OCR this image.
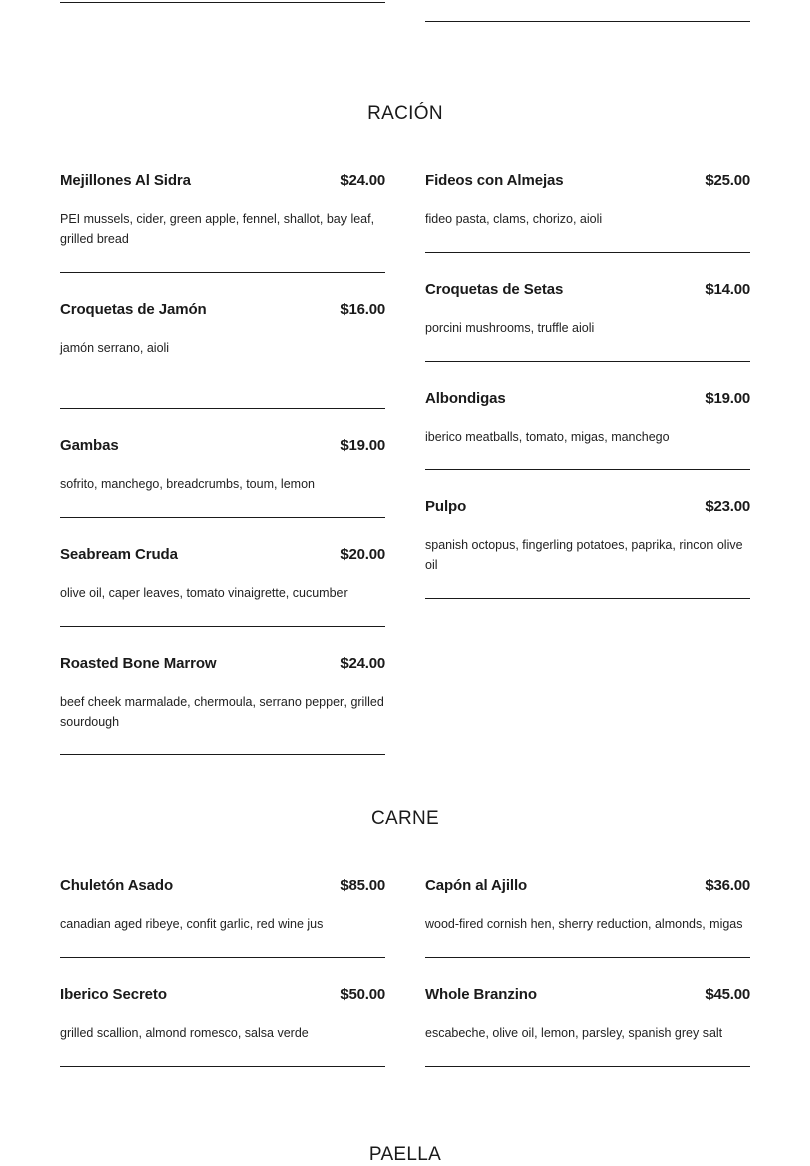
RACIÓN
Mejillones Al Sidra	$24.00
PEI mussels, cider, green apple, fennel, shallot, bay leaf, grilled bread
Croquetas de Jamón	$16.00
jamón serrano, aioli
Gambas	$19.00
sofrito, manchego, breadcrumbs, toum, lemon
Seabream Cruda	$20.00
olive oil, caper leaves, tomato vinaigrette, cucumber
Roasted Bone Marrow	$24.00
beef cheek marmalade, chermoula, serrano pepper, grilled sourdough
Fideos con Almejas	$25.00
fideo pasta, clams, chorizo, aioli
Croquetas de Setas	$14.00
porcini mushrooms, truffle aioli
Albondigas	$19.00
iberico meatballs, tomato, migas, manchego
Pulpo	$23.00
spanish octopus, fingerling potatoes, paprika, rincon olive oil
CARNE
Chuletón Asado	$85.00
canadian aged ribeye, confit garlic, red wine jus
Iberico Secreto	$50.00
grilled scallion, almond romesco, salsa verde
Capón al Ajillo	$36.00
wood-fired cornish hen, sherry reduction, almonds, migas
Whole Branzino	$45.00
escabeche, olive oil, lemon, parsley, spanish grey salt
PAELLA
